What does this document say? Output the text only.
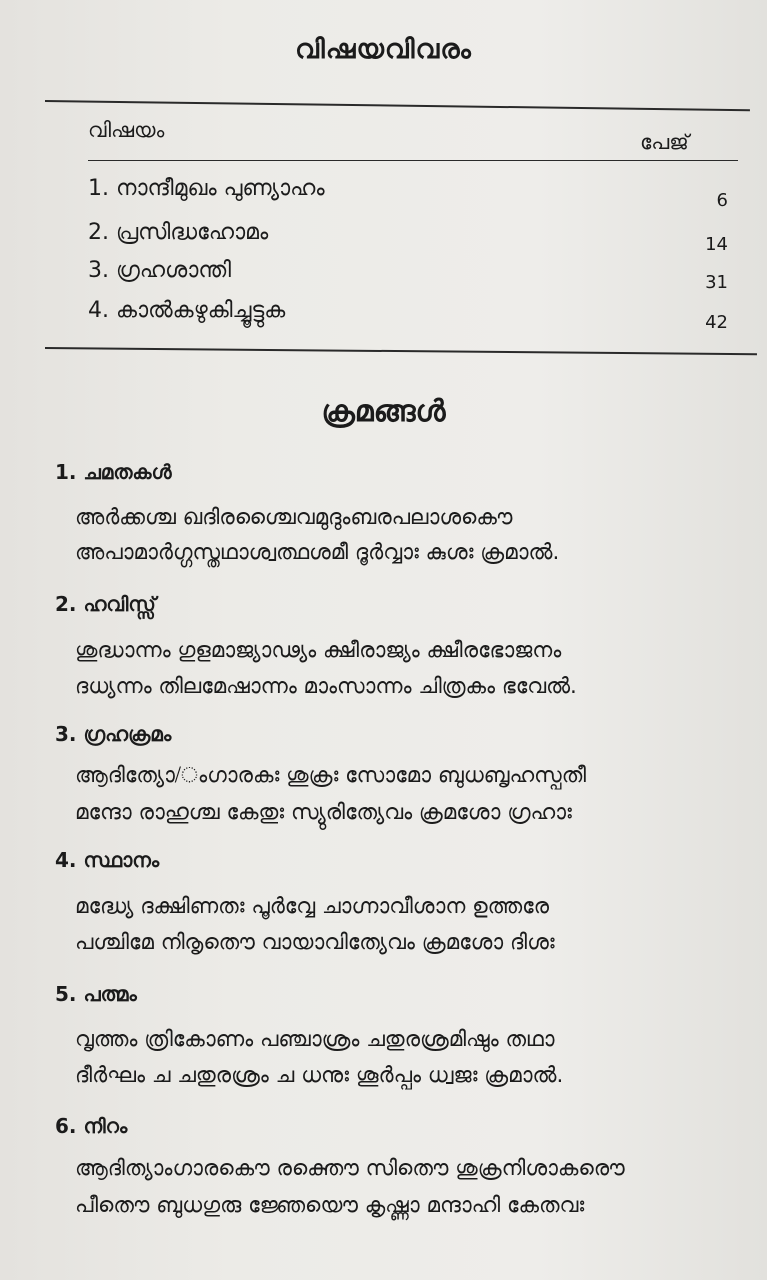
വിഷയവിവരം
വിഷയം	പേജ്
1. നാന്ദീമുഖം പുണ്യാഹം	6
2. പ്രസിദ്ധഹോമം	14
3. ഗ്രഹശാന്തി	31
4. കാൽകഴുകിച്ചൂട്ടുക	42
ക്രമങ്ങൾ
1. ചമതകൾ
അർക്കശ്ച ഖദിരശ്ചൈവമുദുംബരപലാശകൌ
അപാമാർഗ്ഗസ്തഥാശ്വത്ഥശമീ ദൂർവ്വാഃ കുശഃ ക്രമാൽ.
2. ഹവിസ്സ്
ശുദ്ധാന്നം ഗുളമാജ്യാഢ്യം ക്ഷീരാജ്യം ക്ഷീരഭോജനം
ദധ്യന്നം തിലമേഷാന്നം മാംസാന്നം ചിത്രകം ഭവേൽ.
3. ഗ്രഹക്രമം
ആദിത്യോ/ംഗാരകഃ ശുക്രഃ സോമോ ബുധബൃഹസ്പതീ
മന്ദോ രാഹുശ്ച കേതുഃ സ്യുരിത്യേവം ക്രമശോ ഗ്രഹാഃ
4. സ്ഥാനം
മദ്ധ്യേ ദക്ഷിണതഃ പൂർവ്വേ ചാഗ്നാവീശാന ഉത്തരേ
പശ്ചിമേ നിരൃതൌ വായാവിത്യേവം ക്രമശോ ദിശഃ
5. പത്മം
വൃത്തം ത്രികോണം പഞ്ചാശ്രം ചതുരശ്രമിഷും തഥാ
ദീർഘം ച ചതുരശ്രം ച ധനുഃ ശൂർപ്പം ധ്വജഃ ക്രമാൽ.
6. നിറം
ആദിത്യാംഗാരകൌ രക്തൌ സിതൌ ശുക്രനിശാകരൌ
പീതൌ ബുധഗുരു ജ്ഞേയൌ കൃഷ്ണാ മന്ദാഹി കേതവഃ
